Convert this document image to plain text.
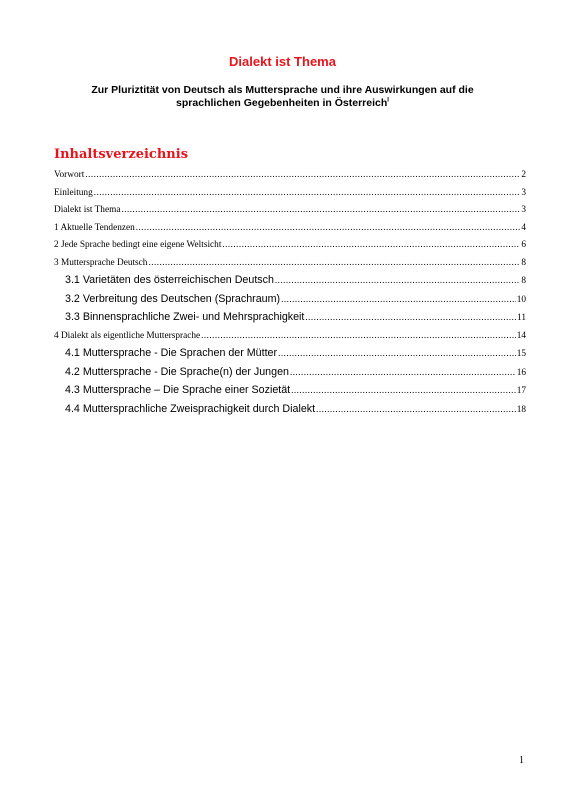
Dialekt ist Thema
Zur Pluriztität von Deutsch als Muttersprache und ihre Auswirkungen auf die sprachlichen Gegebenheiten in Österreich$^I$
Inhaltsverzeichnis
Vorwort .....	2
Einleitung .....	3
Dialekt ist Thema .....	3
1 Aktuelle Tendenzen .....	4
2 Jede Sprache bedingt eine eigene Weltsicht .....	6
3 Muttersprache Deutsch .....	8
3.1 Varietäten des österreichischen Deutsch .....	8
3.2 Verbreitung des Deutschen (Sprachraum) .....	10
3.3 Binnensprachliche Zwei- und Mehrsprachigkeit .....	11
4 Dialekt als eigentliche Muttersprache .....	14
4.1 Muttersprache - Die Sprachen der Mütter .....	15
4.2 Muttersprache - Die Sprache(n) der Jungen .....	16
4.3 Muttersprache – Die Sprache einer Sozietät .....	17
4.4 Muttersprachliche Zweisprachigkeit durch Dialekt .....	18
1
